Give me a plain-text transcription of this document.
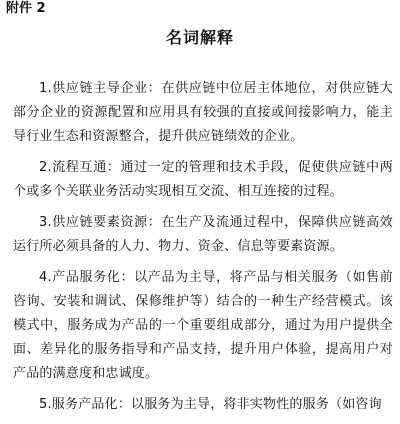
附件 2
名词解释

1.供应链主导企业：在供应链中位居主体地位，对供应链大部分企业的资源配置和应用具有较强的直接或间接影响力，能主导行业生态和资源整合，提升供应链绩效的企业。

2.流程互通：通过一定的管理和技术手段，促使供应链中两个或多个关联业务活动实现相互交流、相互连接的过程。

3.供应链要素资源：在生产及流通过程中，保障供应链高效运行所必须具备的人力、物力、资金、信息等要素资源。

4.产品服务化：以产品为主导，将产品与相关服务（如售前咨询、安装和调试、保修维护等）结合的一种生产经营模式。该模式中，服务成为产品的一个重要组成部分，通过为用户提供全面、差异化的服务指导和产品支持，提升用户体验，提高用户对产品的满意度和忠诚度。

5.服务产品化：以服务为主导，将非实物性的服务（如咨询
